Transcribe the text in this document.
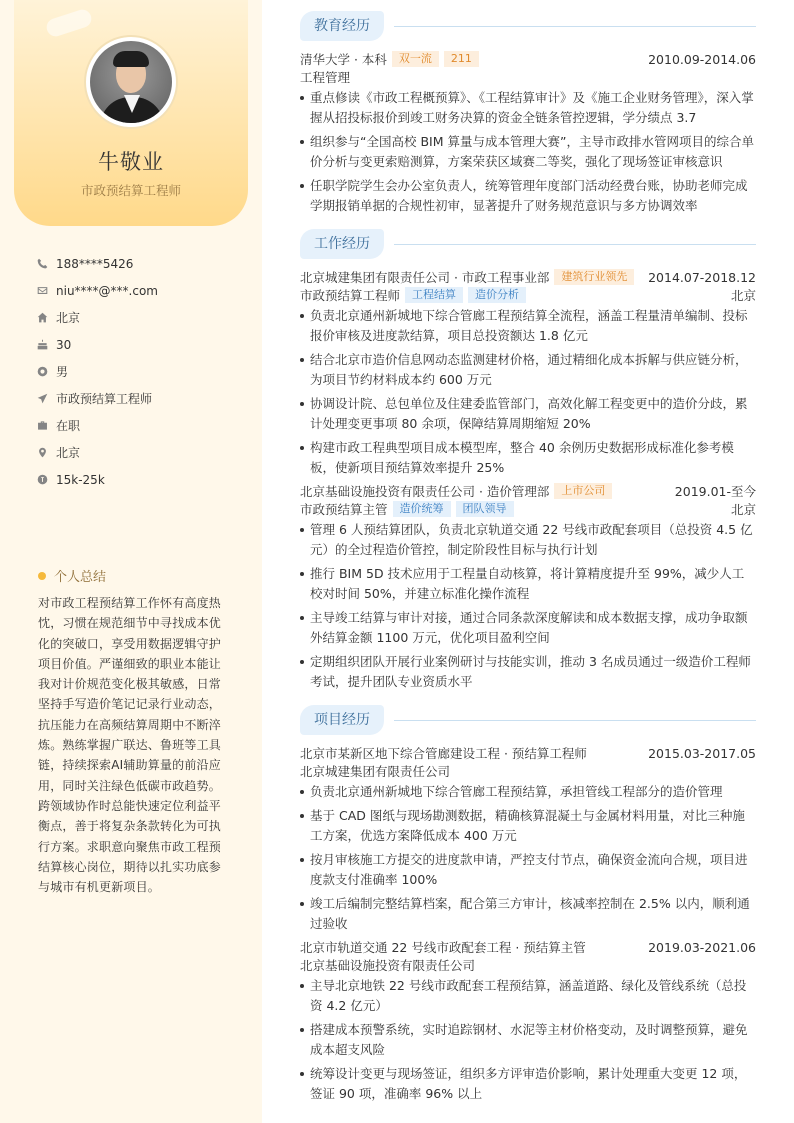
牛敬业
市政预结算工程师
188****5426
niu****@***.com
北京
30
男
市政预结算工程师
在职
北京
15k-25k
个人总结
对市政工程预结算工作怀有高度热忱，习惯在规范细节中寻找成本优化的突破口，享受用数据逻辑守护项目价值。严谨细致的职业本能让我对计价规范变化极其敏感，日常坚持手写造价笔记记录行业动态，抗压能力在高频结算周期中不断淬炼。熟练掌握广联达、鲁班等工具链，持续探索AI辅助算量的前沿应用，同时关注绿色低碳市政趋势。跨领域协作时总能快速定位利益平衡点，善于将复杂条款转化为可执行方案。求职意向聚焦市政工程预结算核心岗位，期待以扎实功底参与城市有机更新项目。
教育经历
清华大学 · 本科	双一流	211	2010.09-2014.06
工程管理
重点修读《市政工程概预算》、《工程结算审计》及《施工企业财务管理》，深入掌握从招投标报价到竣工财务决算的资金全链条管控逻辑，学分绩点 3.7
组织参与“全国高校 BIM 算量与成本管理大赛”，主导市政排水管网项目的综合单价分析与变更索赔测算，方案荣获区域赛二等奖，强化了现场签证审核意识
任职学院学生会办公室负责人，统筹管理年度部门活动经费台账，协助老师完成学期报销单据的合规性初审，显著提升了财务规范意识与多方协调效率
工作经历
北京城建集团有限责任公司 · 市政工程事业部	建筑行业领先	2014.07-2018.12
市政预结算工程师	工程结算	造价分析	北京
负责北京通州新城地下综合管廊工程预结算全流程，涵盖工程量清单编制、投标报价审核及进度款结算，项目总投资额达 1.8 亿元
结合北京市造价信息网动态监测建材价格，通过精细化成本拆解与供应链分析，为项目节约材料成本约 600 万元
协调设计院、总包单位及住建委监管部门，高效化解工程变更中的造价分歧，累计处理变更事项 80 余项，保障结算周期缩短 20%
构建市政工程典型项目成本模型库，整合 40 余例历史数据形成标准化参考模板，使新项目预结算效率提升 25%
北京基础设施投资有限责任公司 · 造价管理部	上市公司	2019.01-至今
市政预结算主管	造价统筹	团队领导	北京
管理 6 人预结算团队，负责北京轨道交通 22 号线市政配套项目（总投资 4.5 亿元）的全过程造价管控，制定阶段性目标与执行计划
推行 BIM 5D 技术应用于工程量自动核算，将计算精度提升至 99%，减少人工校对时间 50%，并建立标准化操作流程
主导竣工结算与审计对接，通过合同条款深度解读和成本数据支撑，成功争取额外结算金额 1100 万元，优化项目盈利空间
定期组织团队开展行业案例研讨与技能实训，推动 3 名成员通过一级造价工程师考试，提升团队专业资质水平
项目经历
北京市某新区地下综合管廊建设工程 · 预结算工程师	2015.03-2017.05
北京城建集团有限责任公司
负责北京通州新城地下综合管廊工程预结算，承担管线工程部分的造价管理
基于 CAD 图纸与现场勘测数据，精确核算混凝土与金属材料用量，对比三种施工方案，优选方案降低成本 400 万元
按月审核施工方提交的进度款申请，严控支付节点，确保资金流向合规，项目进度款支付准确率 100%
竣工后编制完整结算档案，配合第三方审计，核减率控制在 2.5% 以内，顺利通过验收
北京市轨道交通 22 号线市政配套工程 · 预结算主管	2019.03-2021.06
北京基础设施投资有限责任公司
主导北京地铁 22 号线市政配套工程预结算，涵盖道路、绿化及管线系统（总投资 4.2 亿元）
搭建成本预警系统，实时追踪钢材、水泥等主材价格变动，及时调整预算，避免成本超支风险
统筹设计变更与现场签证，组织多方评审造价影响，累计处理重大变更 12 项，签证 90 项，准确率 96% 以上
